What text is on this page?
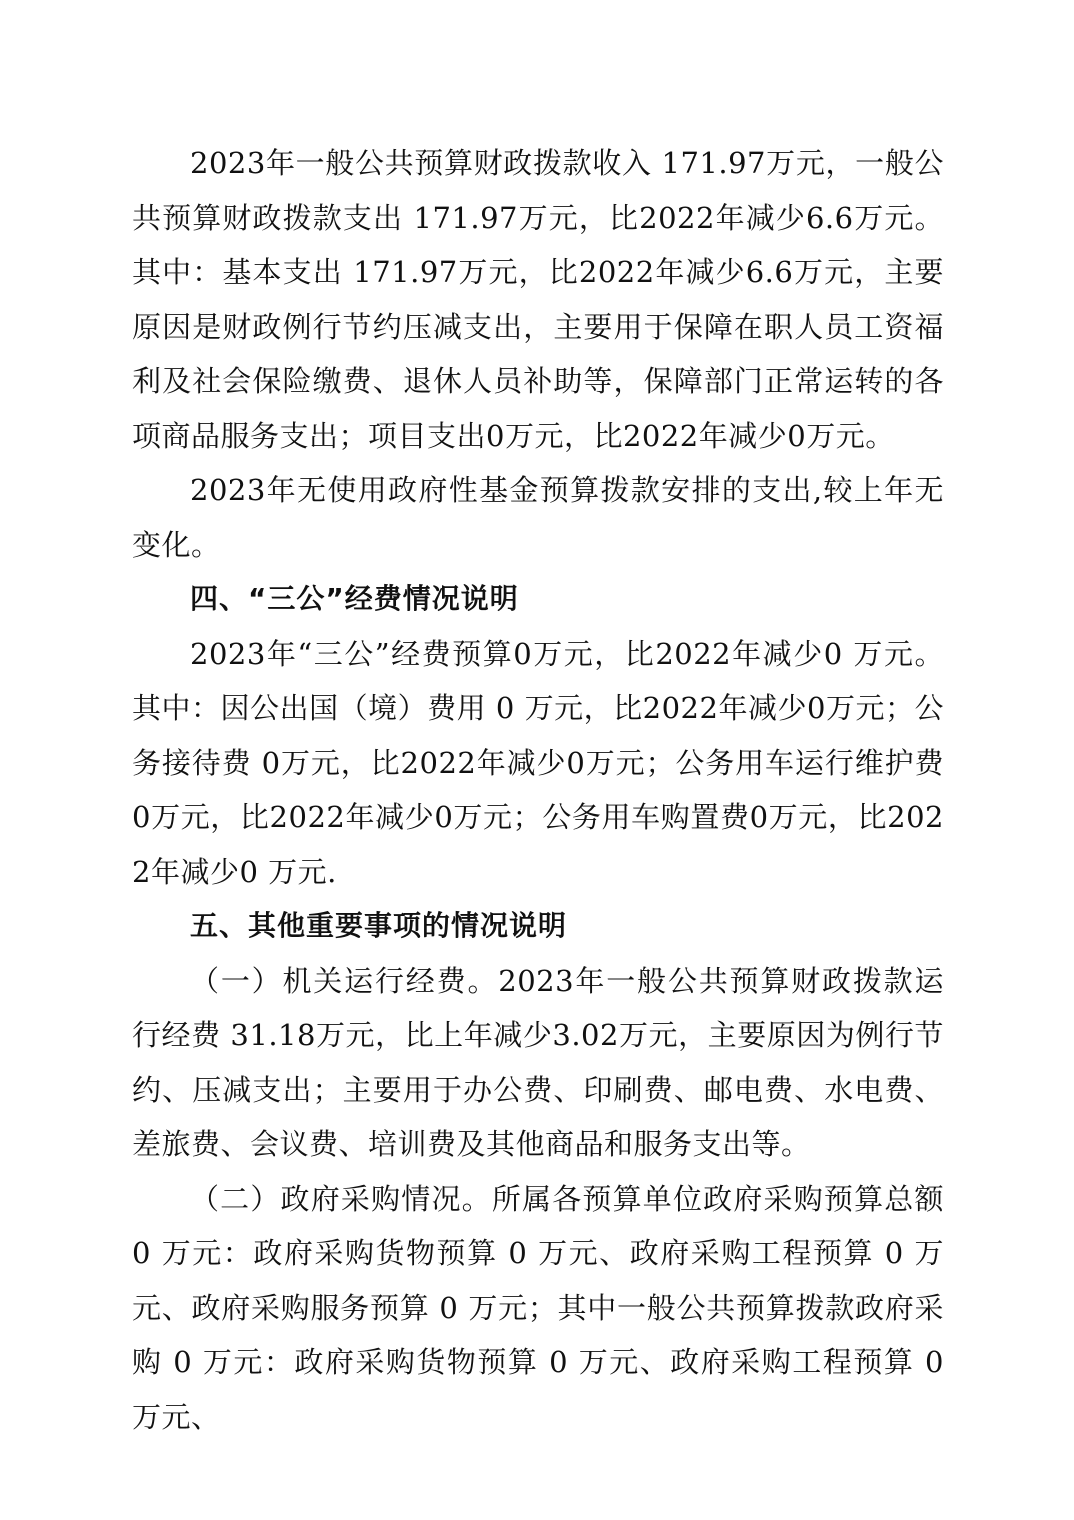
2023年一般公共预算财政拨款收入 171.97万元，一般公共预算财政拨款支出 171.97万元，比2022年减少6.6万元。其中：基本支出 171.97万元，比2022年减少6.6万元，主要原因是财政例行节约压减支出，主要用于保障在职人员工资福利及社会保险缴费、退休人员补助等，保障部门正常运转的各项商品服务支出；项目支出0万元，比2022年减少0万元。

2023年无使用政府性基金预算拨款安排的支出,较上年无变化。

四、“三公”经费情况说明

2023年“三公”经费预算0万元，比2022年减少0 万元。其中：因公出国（境）费用 0 万元，比2022年减少0万元；公务接待费 0万元，比2022年减少0万元；公务用车运行维护费 0万元，比2022年减少0万元；公务用车购置费0万元，比2022年减少0 万元.

五、其他重要事项的情况说明

（一）机关运行经费。2023年一般公共预算财政拨款运行经费 31.18万元，比上年减少3.02万元，主要原因为例行节约、压减支出；主要用于办公费、印刷费、邮电费、水电费、差旅费、会议费、培训费及其他商品和服务支出等。

（二）政府采购情况。所属各预算单位政府采购预算总额 0 万元：政府采购货物预算 0 万元、政府采购工程预算 0 万元、政府采购服务预算 0 万元；其中一般公共预算拨款政府采购 0 万元：政府采购货物预算 0 万元、政府采购工程预算 0 万元、
